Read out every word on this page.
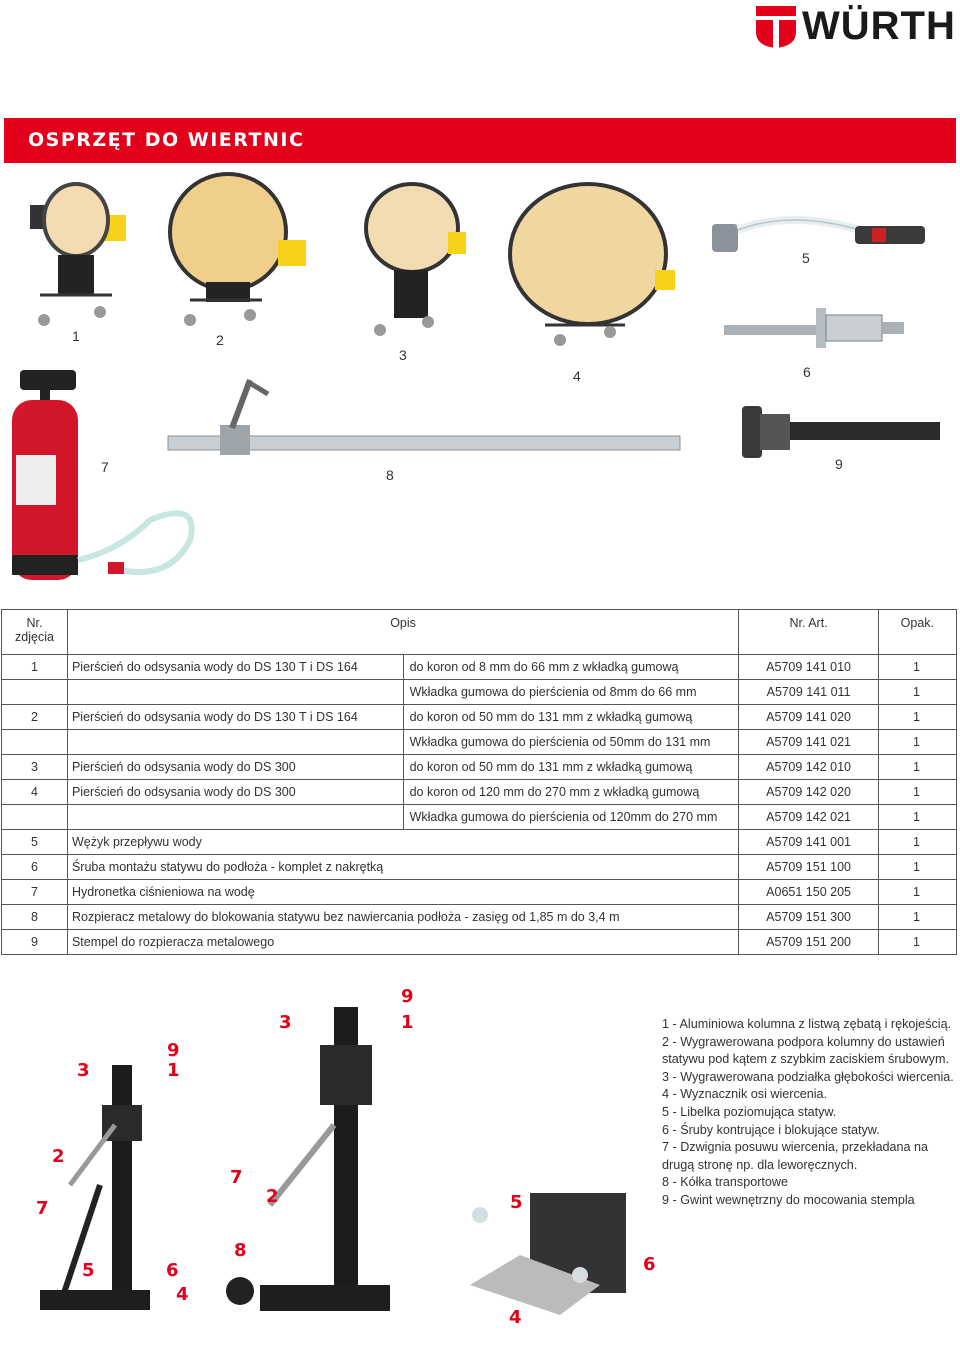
WÜRTH
OSPRZĘT DO WIERTNIC
1	2
3
4
5
6
7	8
9
Nr. zdjęcia	Opis		Nr. Art.	Opak.
1	Pierścień do odsysania wody do DS 130 T i DS 164	do koron od 8 mm do 66 mm z wkładką gumową	A5709 141 010	1
		Wkładka gumowa do pierścienia od 8mm do 66 mm	A5709 141 011	1
2	Pierścień do odsysania wody do DS 130 T i DS 164	do koron od 50 mm do 131 mm z wkładką gumową	A5709 141 020	1
		Wkładka gumowa do pierścienia od 50mm do 131 mm	A5709 141 021	1
3	Pierścień do odsysania wody do DS 300	do koron od 50 mm do 131 mm z wkładką gumową	A5709 142 010	1
4	Pierścień do odsysania wody do DS 300	do koron od 120 mm do 270 mm z wkładką gumową	A5709 142 020	1
		Wkładka gumowa do pierścienia od 120mm do 270 mm	A5709 142 021	1
5	Wężyk przepływu wody		A5709 141 001	1
6	Śruba montażu statywu do podłoża - komplet z nakrętką		A5709 151 100	1
7	Hydronetka ciśnieniowa na wodę		A0651 150 205	1
8	Rozpieracz metalowy do blokowania statywu bez nawiercania podłoża - zasięg od 1,85 m do 3,4 m		A5709 151 300	1
9	Stempel do rozpieracza metalowego		A5709 151 200	1
9
3	1
2
7
5	6
4
9
3	1
7
2
8
5
6
4
1 - Aluminiowa kolumna z listwą zębatą i rękojeścią.
2 - Wygrawerowana podpora kolumny do ustawień
statywu pod kątem z szybkim zaciskiem śrubowym.
3 - Wygrawerowana podziałka głębokości wiercenia.
4 - Wyznacznik osi wiercenia.
5 - Libelka poziomująca statyw.
6 - Śruby kontrujące i blokujące statyw.
7 - Dzwignia posuwu wiercenia, przekładana na
drugą stronę np. dla leworęcznych.
8 - Kółka transportowe
9 - Gwint wewnętrzny do mocowania stempla
